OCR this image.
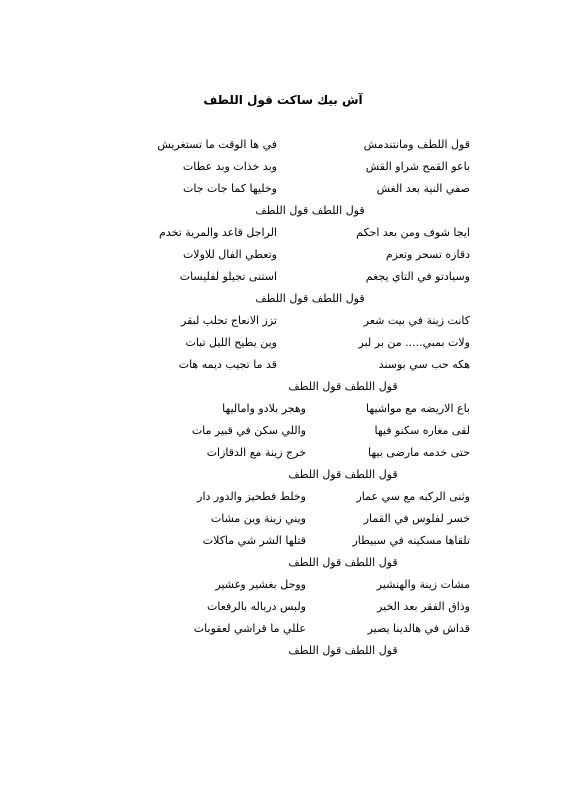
آش بيك ساكت قول اللطف
قول اللطف ومانتندمش
في ها الوقت ما تستغريش
باعو القمح شراو القش
وبد خذات وبد عطات
صفي النية بعد الغش
وخليها كما جات جات
قول اللطف قول اللطف
ايجا شوف ومن بعد احكم
الراجل قاعد والمرية تخدم
دقازه تسحر وتعزم
وتعطي الفال للاولات
وسيادتو في التاي يجغم
استنى تجيلو لفليسات
قول اللطف قول اللطف
كانت زينة في بيت شعر
تزز الانعاج تحلب لبقر
ولات بمبي..... من بر لبر
وين يطيح الليل تبات
هكه حب سي بوسند
قد ما تجيب ديمه هات
قول اللطف قول اللطف
باع الاريضه مع مواشيها
وهجر بلادو واماليها
لقى مغاره سكنو فيها
واللي سكن في قبير مات
حتى خدمه مارضى بيها
خرج زينة مع الدقازات
قول اللطف قول اللطف
وثنى الركبه مع سي عمار
وخلط فطحيز والدور دار
خسر لفلوس في القمار
ويني زينة وين مشات
تلقاها مسكينه في سبيطار
قتلها الشر شي ماكلات
قول اللطف قول اللطف
مشات زينة والهنشير
ووحل بغشير وغشير
وذاق الفقر بعد الخير
ولبس درباله بالرفعات
قداش في هالدينا يصير
عللي ما قراشي لعقوبات
قول اللطف قول اللطف
